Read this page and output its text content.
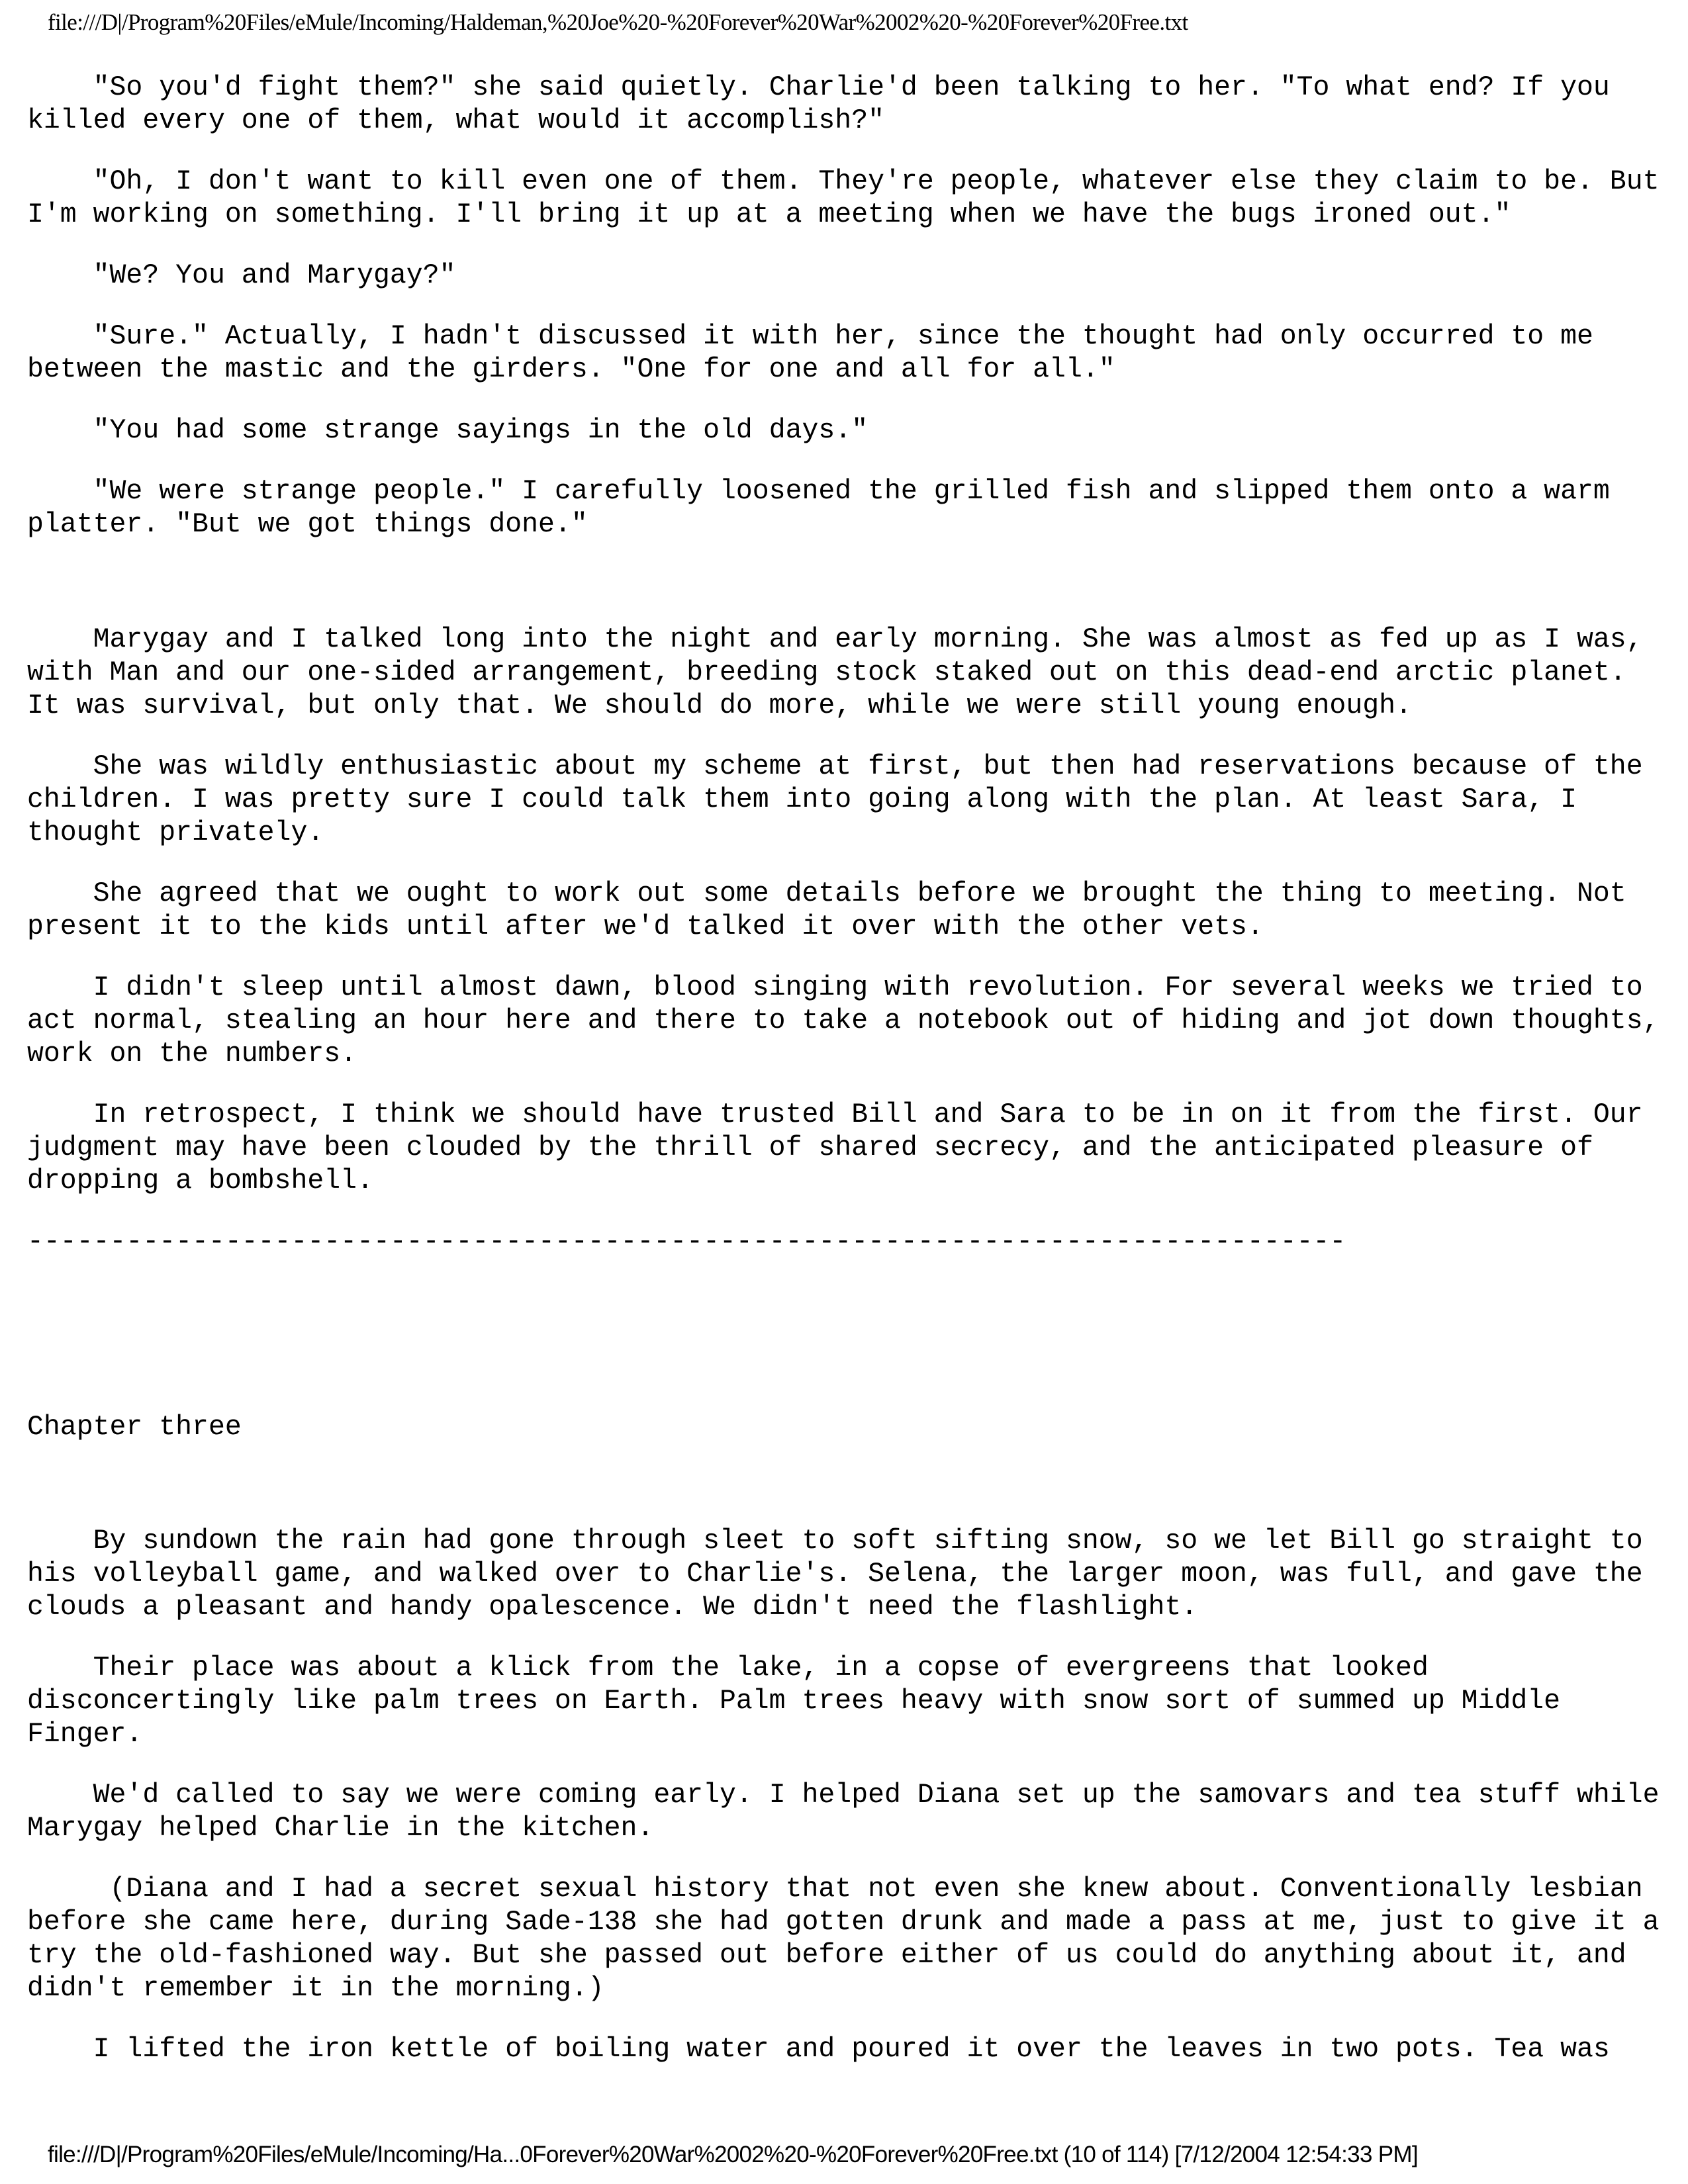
file:///D|/Program%20Files/eMule/Incoming/Haldeman,%20Joe%20-%20Forever%20War%2002%20-%20Forever%20Free.txt

"So you'd fight them?" she said quietly. Charlie'd been talking to her. "To what end? If you killed every one of them, what would it accomplish?"

"Oh, I don't want to kill even one of them. They're people, whatever else they claim to be. But I'm working on something. I'll bring it up at a meeting when we have the bugs ironed out."

"We? You and Marygay?"

"Sure." Actually, I hadn't discussed it with her, since the thought had only occurred to me between the mastic and the girders. "One for one and all for all."

"You had some strange sayings in the old days."

"We were strange people." I carefully loosened the grilled fish and slipped them onto a warm platter. "But we got things done."

Marygay and I talked long into the night and early morning. She was almost as fed up as I was, with Man and our one-sided arrangement, breeding stock staked out on this dead-end arctic planet. It was survival, but only that. We should do more, while we were still young enough.

She was wildly enthusiastic about my scheme at first, but then had reservations because of the children. I was pretty sure I could talk them into going along with the plan. At least Sara, I thought privately.

She agreed that we ought to work out some details before we brought the thing to meeting. Not present it to the kids until after we'd talked it over with the other vets.

I didn't sleep until almost dawn, blood singing with revolution. For several weeks we tried to act normal, stealing an hour here and there to take a notebook out of hiding and jot down thoughts, work on the numbers.

In retrospect, I think we should have trusted Bill and Sara to be in on it from the first. Our judgment may have been clouded by the thrill of shared secrecy, and the anticipated pleasure of dropping a bombshell.

--------------------------------------------------------------------------------
Chapter three

By sundown the rain had gone through sleet to soft sifting snow, so we let Bill go straight to his volleyball game, and walked over to Charlie's. Selena, the larger moon, was full, and gave the clouds a pleasant and handy opalescence. We didn't need the flashlight.

Their place was about a klick from the lake, in a copse of evergreens that looked disconcertingly like palm trees on Earth. Palm trees heavy with snow sort of summed up Middle Finger.

We'd called to say we were coming early. I helped Diana set up the samovars and tea stuff while Marygay helped Charlie in the kitchen.

(Diana and I had a secret sexual history that not even she knew about. Conventionally lesbian before she came here, during Sade-138 she had gotten drunk and made a pass at me, just to give it a try the old-fashioned way. But she passed out before either of us could do anything about it, and didn't remember it in the morning.)

I lifted the iron kettle of boiling water and poured it over the leaves in two pots. Tea was

file:///D|/Program%20Files/eMule/Incoming/Ha...0Forever%20War%2002%20-%20Forever%20Free.txt (10 of 114) [7/12/2004 12:54:33 PM]
